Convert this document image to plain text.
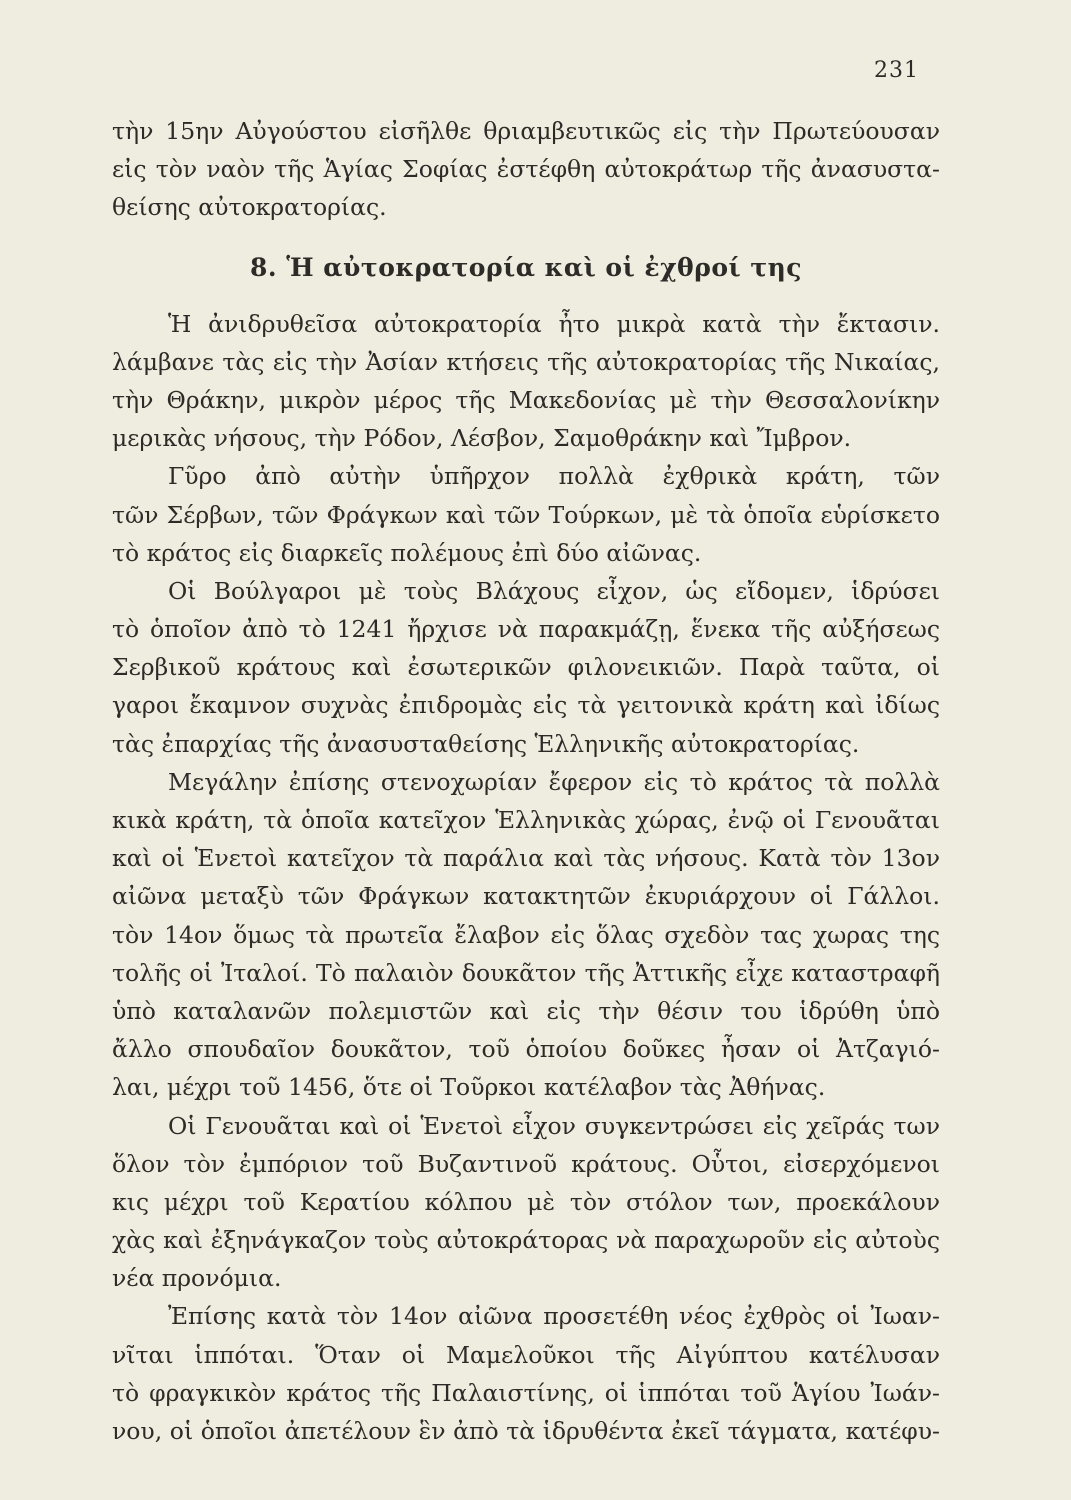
231
τὴν 15ην Αὐγούστου εἰσῆλθε θριαμβευτικῶς εἰς τὴν Πρωτεύουσαν
εἰς τὸν ναὸν τῆς Ἁγίας Σοφίας ἐστέφθη αὐτοκράτωρ τῆς ἀνασυστα-
θείσης αὐτοκρατορίας.
8. Ἡ αὐτοκρατορία καὶ οἱ ἐχθροί της
Ἡ ἀνιδρυθεῖσα αὐτοκρατορία ἦτο μικρὰ κατὰ τὴν ἔκτασιν.
λάμβανε τὰς εἰς τὴν Ἀσίαν κτήσεις τῆς αὐτοκρατορίας τῆς Νικαίας,
τὴν Θράκην, μικρὸν μέρος τῆς Μακεδονίας μὲ τὴν Θεσσαλονίκην
μερικὰς νήσους, τὴν Ρόδον, Λέσβον, Σαμοθράκην καὶ Ἴμβρον.
Γῦρο ἀπὸ αὐτὴν ὑπῆρχον πολλὰ ἐχθρικὰ κράτη, τῶν
τῶν Σέρβων, τῶν Φράγκων καὶ τῶν Τούρκων, μὲ τὰ ὁποῖα εὑρίσκετο
τὸ κράτος εἰς διαρκεῖς πολέμους ἐπὶ δύο αἰῶνας.
Οἱ Βούλγαροι μὲ τοὺς Βλάχους εἶχον, ὡς εἴδομεν, ἱδρύσει
τὸ ὁποῖον ἀπὸ τὸ 1241 ἤρχισε νὰ παρακμάζῃ, ἕνεκα τῆς αὐξήσεως
Σερβικοῦ κράτους καὶ ἐσωτερικῶν φιλονεικιῶν. Παρὰ ταῦτα, οἱ
γαροι ἔκαμνον συχνὰς ἐπιδρομὰς εἰς τὰ γειτονικὰ κράτη καὶ ἰδίως
τὰς ἐπαρχίας τῆς ἀνασυσταθείσης Ἑλληνικῆς αὐτοκρατορίας.
Μεγάλην ἐπίσης στενοχωρίαν ἔφερον εἰς τὸ κράτος τὰ πολλὰ
κικὰ κράτη, τὰ ὁποῖα κατεῖχον Ἑλληνικὰς χώρας, ἐνῷ οἱ Γενουᾶται
καὶ οἱ Ἑνετοὶ κατεῖχον τὰ παράλια καὶ τὰς νήσους. Κατὰ τὸν 13ον
αἰῶνα μεταξὺ τῶν Φράγκων κατακτητῶν ἐκυριάρχουν οἱ Γάλλοι.
τὸν 14ον ὅμως τὰ πρωτεῖα ἔλαβον εἰς ὅλας σχεδὸν τας χωρας της
τολῆς οἱ Ἰταλοί. Τὸ παλαιὸν δουκᾶτον τῆς Ἀττικῆς εἶχε καταστραφῆ
ὑπὸ καταλανῶν πολεμιστῶν καὶ εἰς τὴν θέσιν του ἱδρύθη ὑπὸ
ἄλλο σπουδαῖον δουκᾶτον, τοῦ ὁποίου δοῦκες ἦσαν οἱ Ἀτζαγιό-
λαι, μέχρι τοῦ 1456, ὅτε οἱ Τοῦρκοι κατέλαβον τὰς Ἀθήνας.
Οἱ Γενουᾶται καὶ οἱ Ἑνετοὶ εἶχον συγκεντρώσει εἰς χεῖράς των
ὅλον τὸν ἐμπόριον τοῦ Βυζαντινοῦ κράτους. Οὗτοι, εἰσερχόμενοι
κις μέχρι τοῦ Κερατίου κόλπου μὲ τὸν στόλον των, προεκάλουν
χὰς καὶ ἐξηνάγκαζον τοὺς αὐτοκράτορας νὰ παραχωροῦν εἰς αὐτοὺς
νέα προνόμια.
Ἐπίσης κατὰ τὸν 14ον αἰῶνα προσετέθη νέος ἐχθρὸς οἱ Ἰωαν-
νῖται ἱππόται. Ὅταν οἱ Μαμελοῦκοι τῆς Αἰγύπτου κατέλυσαν
τὸ φραγκικὸν κράτος τῆς Παλαιστίνης, οἱ ἱππόται τοῦ Ἁγίου Ἰωάν-
νου, οἱ ὁποῖοι ἀπετέλουν ἓν ἀπὸ τὰ ἱδρυθέντα ἐκεῖ τάγματα, κατέφυ-
